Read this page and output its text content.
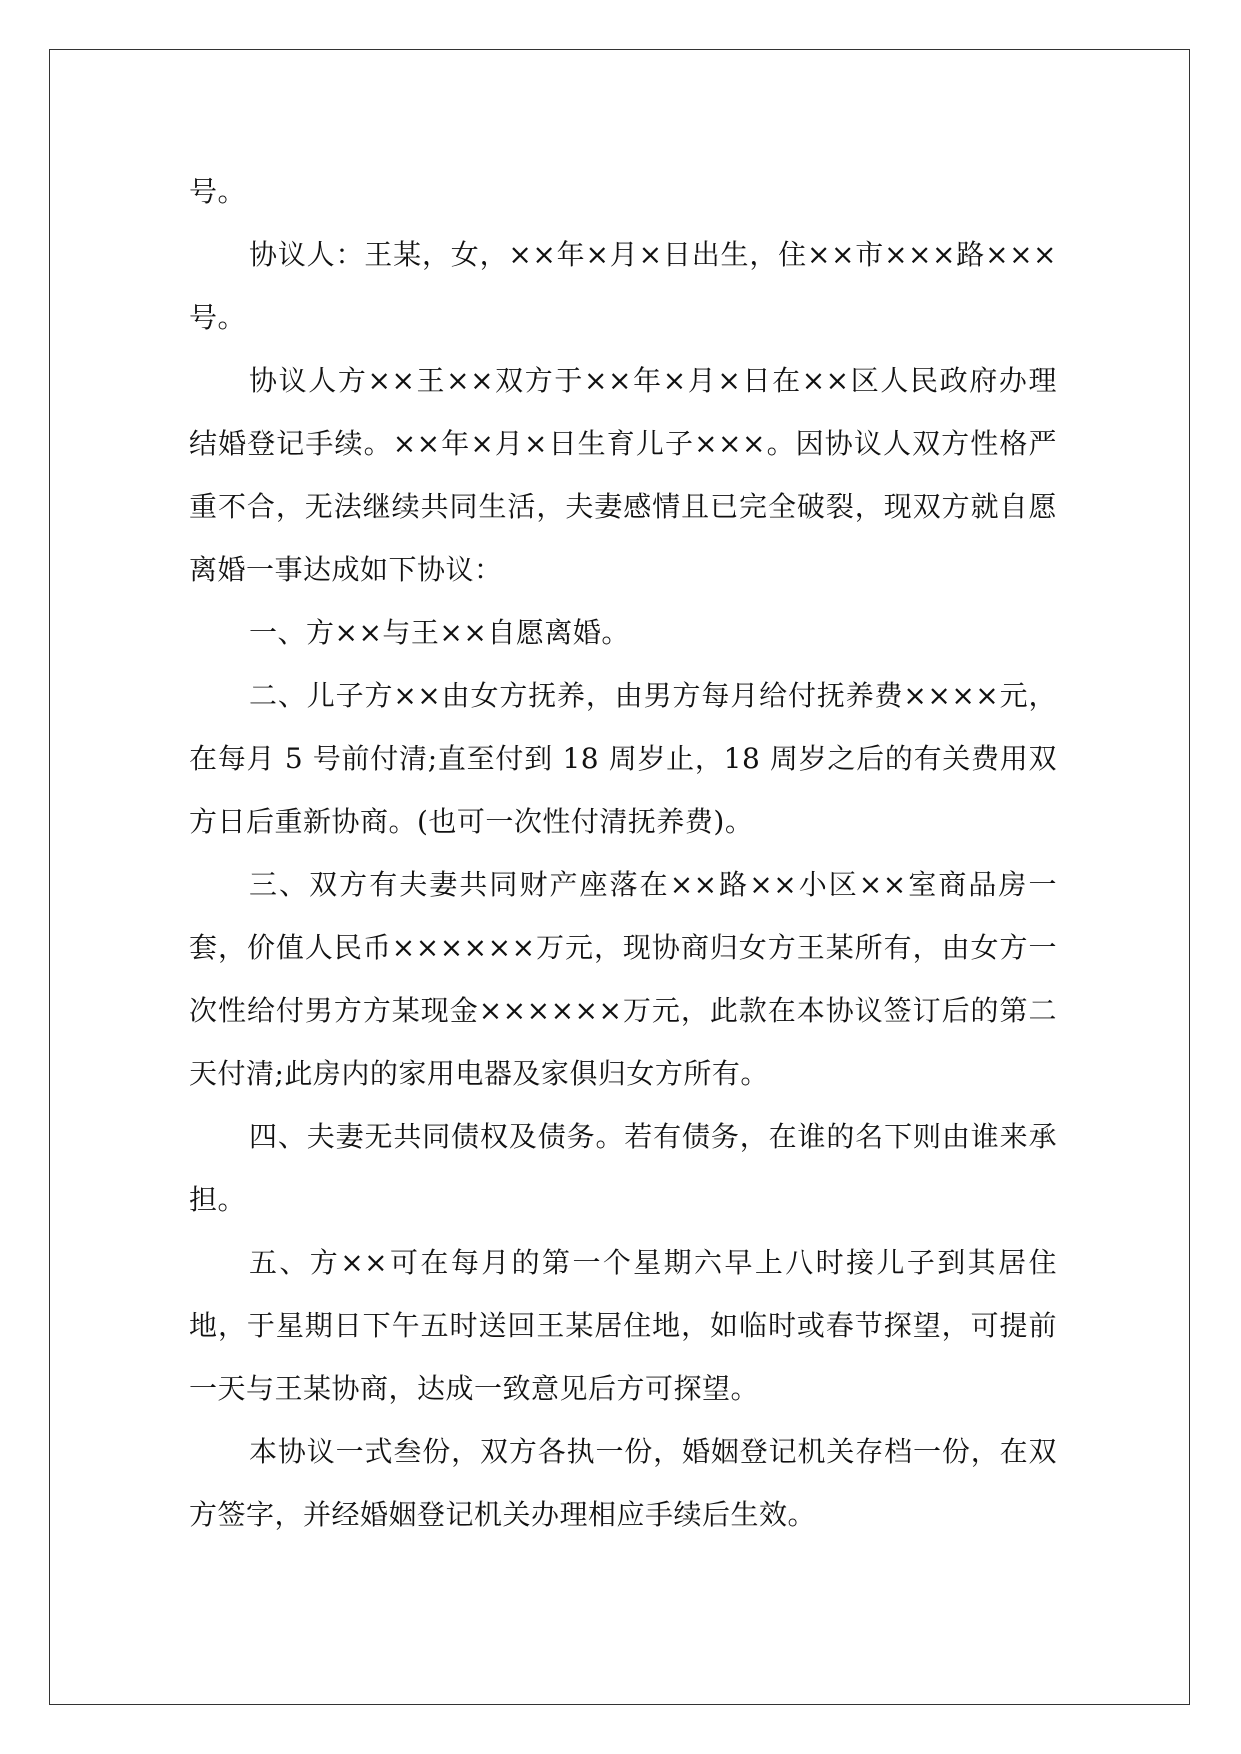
号。

协议人：王某，女，××年×月×日出生，住××市×××路×××号。

协议人方××王××双方于××年×月×日在××区人民政府办理结婚登记手续。××年×月×日生育儿子×××。因协议人双方性格严重不合，无法继续共同生活，夫妻感情且已完全破裂，现双方就自愿离婚一事达成如下协议：

一、方××与王××自愿离婚。

二、儿子方××由女方抚养，由男方每月给付抚养费××××元，在每月 5 号前付清;直至付到 18 周岁止，18 周岁之后的有关费用双方日后重新协商。(也可一次性付清抚养费)。

三、双方有夫妻共同财产座落在××路××小区××室商品房一套，价值人民币××××××万元，现协商归女方王某所有，由女方一次性给付男方方某现金××××××万元，此款在本协议签订后的第二天付清;此房内的家用电器及家俱归女方所有。

四、夫妻无共同债权及债务。若有债务，在谁的名下则由谁来承担。

五、方××可在每月的第一个星期六早上八时接儿子到其居住地，于星期日下午五时送回王某居住地，如临时或春节探望，可提前一天与王某协商，达成一致意见后方可探望。

本协议一式叁份，双方各执一份，婚姻登记机关存档一份，在双方签字，并经婚姻登记机关办理相应手续后生效。
